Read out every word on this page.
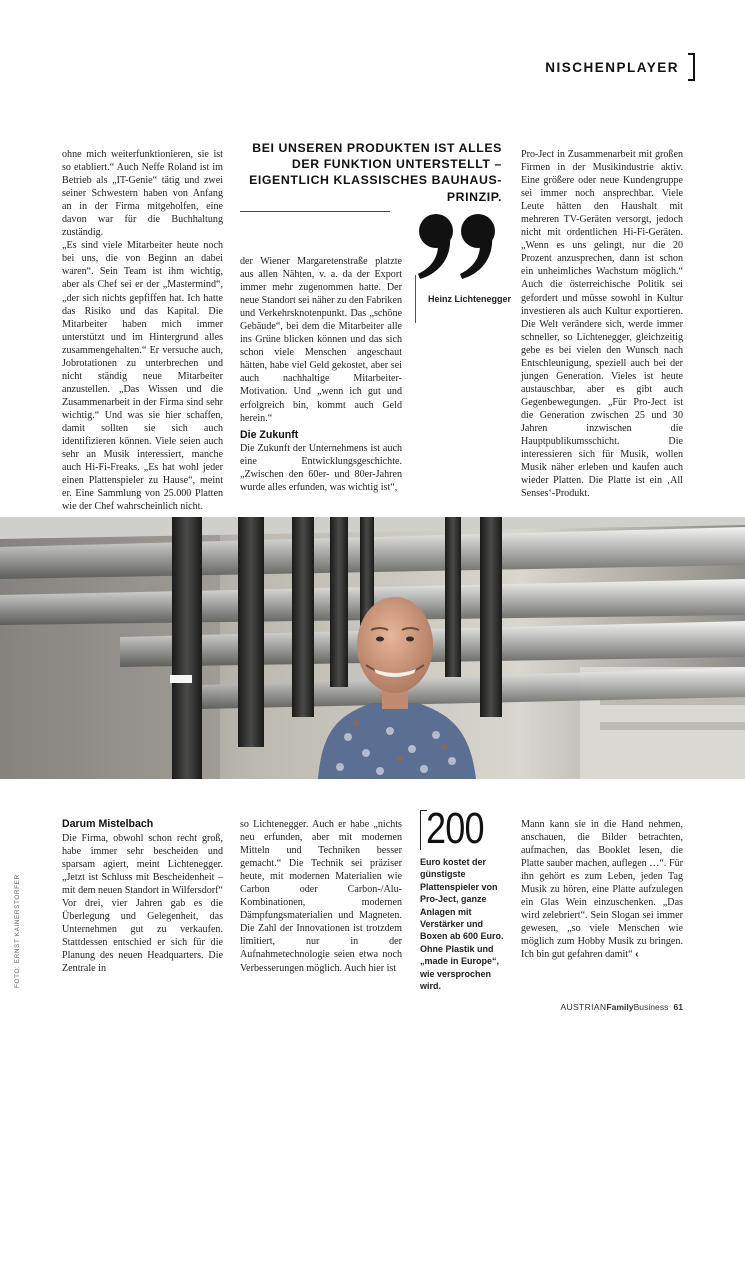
NISCHENPLAYER

ohne mich weiterfunktionieren, sie ist so etabliert.“ Auch Neffe Roland ist im Betrieb als „IT-Genie“ tätig und zwei seiner Schwestern haben von Anfang an in der Firma mitgeholfen, eine davon war für die Buchhaltung zuständig.

„Es sind viele Mitarbeiter heute noch bei uns, die von Beginn an dabei waren“. Sein Team ist ihm wichtig, aber als Chef sei er der „Mastermind“, „der sich nichts gepfiffen hat. Ich hatte das Risiko und das Kapital. Die Mitarbeiter haben mich immer unterstützt und im Hintergrund alles zusammengehalten.“ Er versuche auch, Jobrotationen zu unterbrechen und nicht ständig neue Mitarbeiter anzustellen. „Das Wissen und die Zusammenarbeit in der Firma sind sehr wichtig.“ Und was sie hier schaffen, damit sollten sie sich auch identifizieren können. Viele seien auch sehr an Musik interessiert, manche auch Hi-Fi-Freaks. „Es hat wohl jeder einen Plattenspieler zu Hause“, meint er. Eine Sammlung von 25.000 Platten wie der Chef wahrscheinlich nicht.

BEI UNSEREN PRODUKTEN IST ALLES DER FUNKTION UNTERSTELLT – EIGENTLICH KLASSISCHES BAUHAUS-PRINZIP.
Heinz Lichtenegger

der Wiener Margaretenstraße platzte aus allen Nähten, v. a. da der Export immer mehr zugenommen hatte. Der neue Standort sei näher zu den Fabriken und Verkehrsknotenpunkt. Das „schöne Gebäude“, bei dem die Mitarbeiter alle ins Grüne blicken können und das sich schon viele Menschen angeschaut hätten, habe viel Geld gekostet, aber sei auch nachhaltige Mitarbeiter-Motivation. Und „wenn ich gut und erfolgreich bin, kommt auch Geld herein.“

Die Zukunft

Die Zukunft der Unternehmens ist auch eine Entwicklungsgeschichte. „Zwischen den 60er- und 80er-Jahren wurde alles erfunden, was wichtig ist“,

Pro-Ject in Zusammenarbeit mit großen Firmen in der Musikindustrie aktiv. Eine größere oder neue Kundengruppe sei immer noch ansprechbar. Viele Leute hätten den Haushalt mit mehreren TV-Geräten versorgt, jedoch nicht mit ordentlichen Hi-Fi-Geräten. „Wenn es uns gelingt, nur die 20 Prozent anzusprechen, dann ist schon ein unheimliches Wachstum möglich.“ Auch die österreichische Politik sei gefordert und müsse sowohl in Kultur investieren als auch Kultur exportieren. Die Welt verändere sich, werde immer schneller, so Lichtenegger, gleichzeitig gebe es bei vielen den Wunsch nach Entschleunigung, speziell auch bei der jungen Generation. Vieles ist heute austauschbar, aber es gibt auch Gegenbewegungen. „Für Pro-Ject ist die Generation zwischen 25 und 30 Jahren inzwischen die Hauptpublikumsschicht. Die interessieren sich für Musik, wollen Musik näher erleben und kaufen auch wieder Platten. Die Platte ist ein ‚All Senses‘-Produkt.

Herbert Rutschka, Betriebsleiter im Pro-Ject Headquarter, führt durch den unterirdischen Bereich des einzigartigen Heizungssystems.
Darum Mistelbach

Die Firma, obwohl schon recht groß, habe immer sehr bescheiden und sparsam agiert, meint Lichtenegger. „Jetzt ist Schluss mit Bescheidenheit – mit dem neuen Standort in Wilfersdorf“ Vor drei, vier Jahren gab es die Überlegung und Gelegenheit, das Unternehmen gut zu verkaufen. Stattdessen entschied er sich für die Planung des neuen Headquarters. Die Zentrale in

so Lichtenegger. Auch er habe „nichts neu erfunden, aber mit modernen Mitteln und Techniken besser gemacht.“ Die Technik sei präziser heute, mit modernen Materialien wie Carbon oder Carbon-/Alu-Kombinationen, modernen Dämpfungsmaterialien und Magneten. Die Zahl der Innovationen ist trotzdem limitiert, nur in der Aufnahmetechnologie seien etwa noch Verbesserungen möglich. Auch hier ist

200
Euro kostet der günstigste Plattenspieler von Pro-Ject, ganze Anlagen mit Verstärker und Boxen ab 600 Euro. Ohne Plastik und „made in Europe“, wie versprochen wird.

Mann kann sie in die Hand nehmen, anschauen, die Bilder betrachten, aufmachen, das Booklet lesen, die Platte sauber machen, auflegen …“. Für ihn gehört es zum Leben, jeden Tag Musik zu hören, eine Platte aufzulegen ein Glas Wein einzuschenken. „Das wird zelebriert“. Sein Slogan sei immer gewesen, „so viele Menschen wie möglich zum Hobby Musik zu bringen. Ich bin gut gefahren damit“ ‹

FOTO: ERNST KAINERSTORFER
AUSTRIAN Family Business 61
